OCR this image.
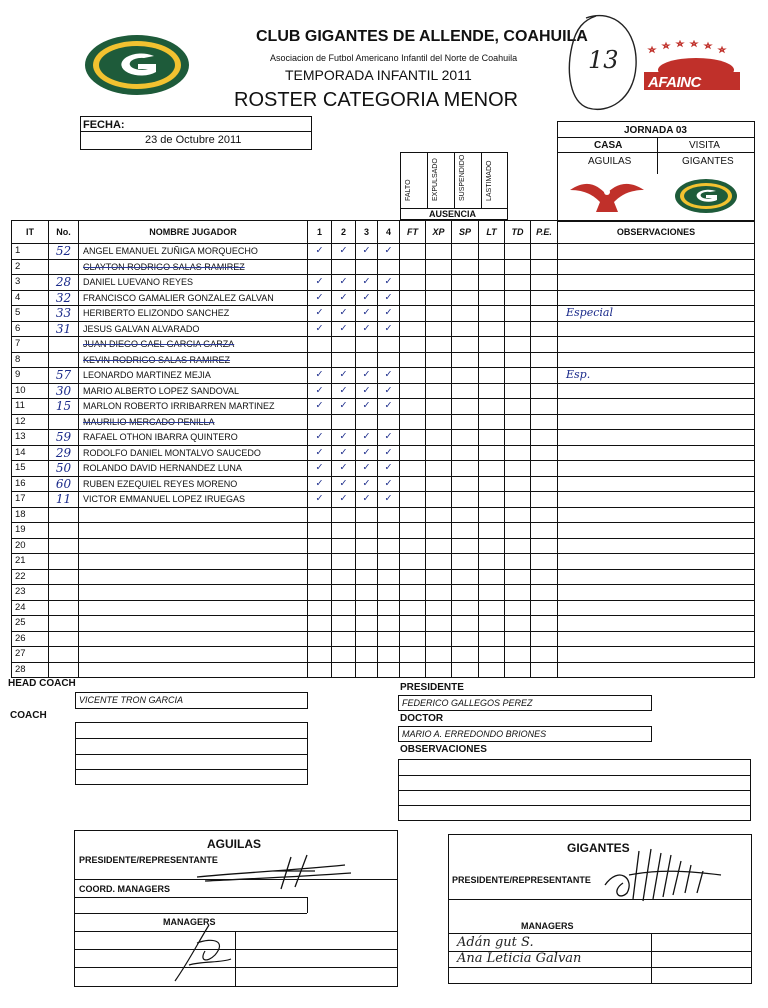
CLUB GIGANTES DE ALLENDE, COAHUILA
Asociacion de Futbol Americano Infantil del Norte de Coahuila
TEMPORADA INFANTIL 2011
ROSTER CATEGORIA MENOR
13
AFAINC
FECHA:
23 de Octubre 2011
JORNADA 03
CASA	VISITA
AGUILAS	GIGANTES
FALTO	EXPULSADO	SUSPENDIDO	LASTIMADO
AUSENCIA
IT	No.	NOMBRE JUGADOR	1	2	3	4	FT	XP	SP	LT	TD	P.E.	OBSERVACIONES
1	52	ANGEL EMANUEL ZUÑIGA MORQUECHO	✓	✓	✓	✓							
2		CLAYTON RODRIGO SALAS RAMIREZ											
3	28	DANIEL LUEVANO REYES	✓	✓	✓	✓							
4	32	FRANCISCO GAMALIER GONZALEZ GALVAN	✓	✓	✓	✓							
5	33	HERIBERTO ELIZONDO SANCHEZ	✓	✓	✓	✓							Especial
6	31	JESUS GALVAN ALVARADO	✓	✓	✓	✓							
7		JUAN DIEGO GAEL GARCIA GARZA											
8		KEVIN RODRIGO SALAS RAMIREZ											
9	57	LEONARDO MARTINEZ MEJIA	✓	✓	✓	✓							Esp.
10	30	MARIO ALBERTO LOPEZ SANDOVAL	✓	✓	✓	✓							
11	15	MARLON ROBERTO IRRIBARREN MARTINEZ	✓	✓	✓	✓							
12		MAURILIO MERCADO PENILLA											
13	59	RAFAEL OTHON IBARRA QUINTERO	✓	✓	✓	✓							
14	29	RODOLFO DANIEL MONTALVO SAUCEDO	✓	✓	✓	✓							
15	50	ROLANDO DAVID HERNANDEZ LUNA	✓	✓	✓	✓							
16	60	RUBEN EZEQUIEL REYES MORENO	✓	✓	✓	✓							
17	11	VICTOR EMMANUEL LOPEZ IRUEGAS	✓	✓	✓	✓							
18													
19													
20													
21													
22													
23													
24													
25													
26													
27													
28													
HEAD COACH
VICENTE TRON GARCIA
COACH
PRESIDENTE
FEDERICO GALLEGOS PEREZ
DOCTOR
MARIO A. ERREDONDO BRIONES
OBSERVACIONES
AGUILAS
PRESIDENTE/REPRESENTANTE
COORD. MANAGERS
MANAGERS
GIGANTES
PRESIDENTE/REPRESENTANTE
MANAGERS
Adán gut S.
Ana Leticia Galvan
